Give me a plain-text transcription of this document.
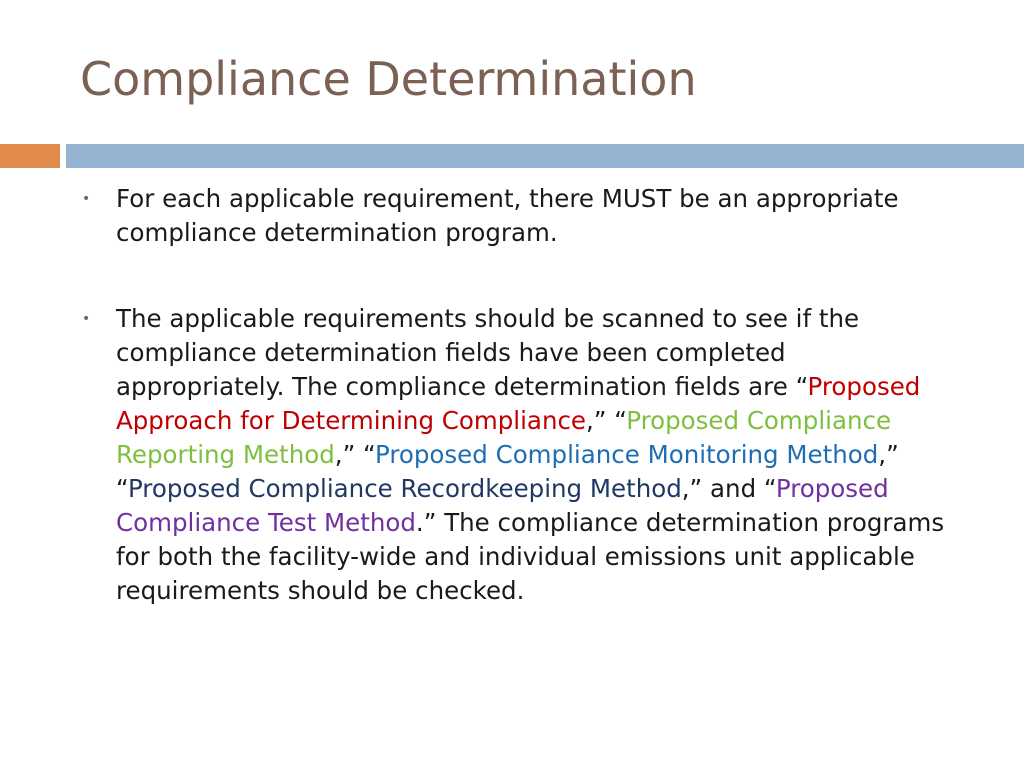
Compliance Determination
• For each applicable requirement, there MUST be an appropriate compliance determination program.
• The applicable requirements should be scanned to see if the compliance determination fields have been completed appropriately. The compliance determination fields are “Proposed Approach for Determining Compliance,” “Proposed Compliance Reporting Method,” “Proposed Compliance Monitoring Method,” “Proposed Compliance Recordkeeping Method,” and “Proposed Compliance Test Method.” The compliance determination programs for both the facility-wide and individual emissions unit applicable requirements should be checked.
